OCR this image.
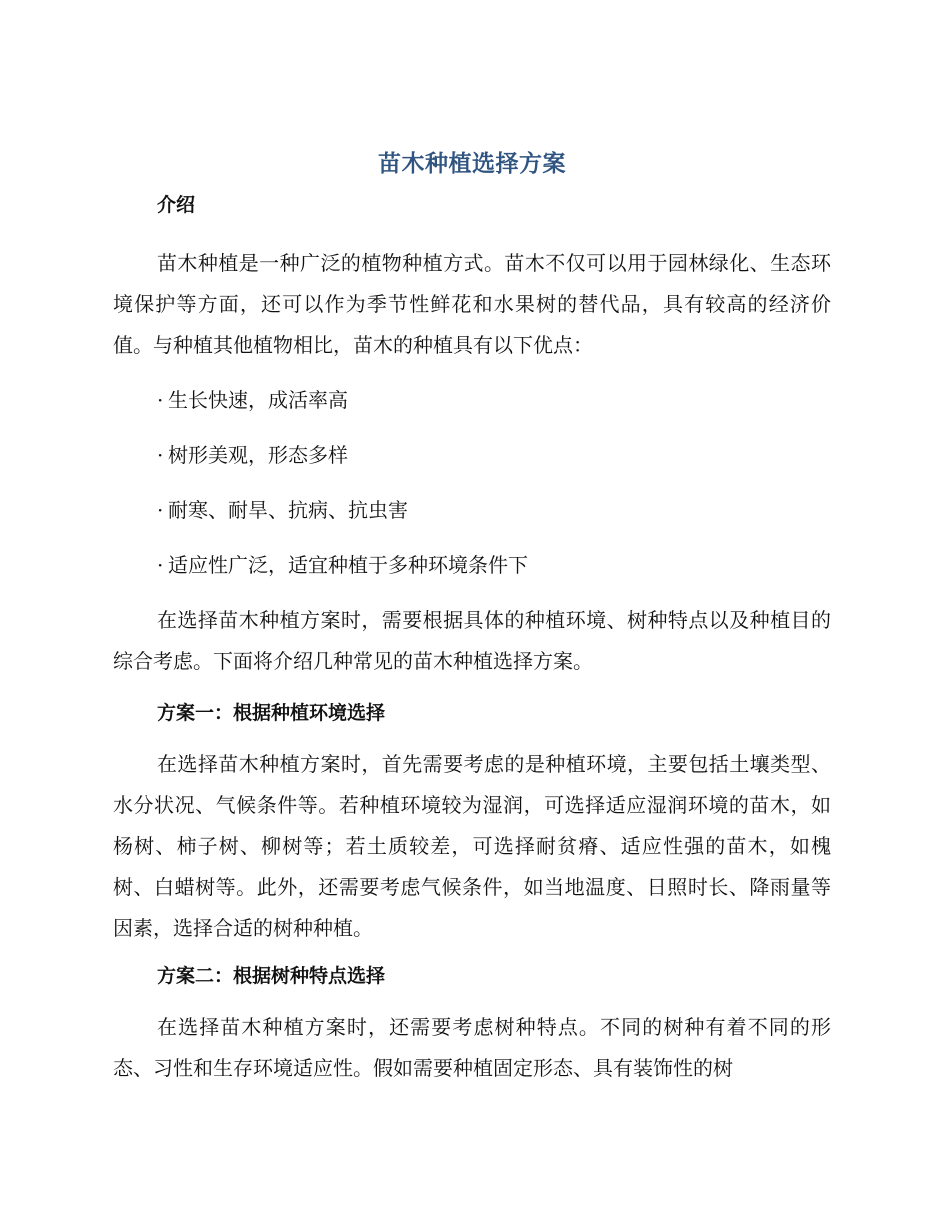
苗木种植选择方案
介绍

苗木种植是一种广泛的植物种植方式。苗木不仅可以用于园林绿化、生态环境保护等方面，还可以作为季节性鲜花和水果树的替代品，具有较高的经济价值。与种植其他植物相比，苗木的种植具有以下优点：

· 生长快速，成活率高
· 树形美观，形态多样
· 耐寒、耐旱、抗病、抗虫害
· 适应性广泛，适宜种植于多种环境条件下

在选择苗木种植方案时，需要根据具体的种植环境、树种特点以及种植目的综合考虑。下面将介绍几种常见的苗木种植选择方案。

方案一：根据种植环境选择

在选择苗木种植方案时，首先需要考虑的是种植环境，主要包括土壤类型、水分状况、气候条件等。若种植环境较为湿润，可选择适应湿润环境的苗木，如杨树、柿子树、柳树等；若土质较差，可选择耐贫瘠、适应性强的苗木，如槐树、白蜡树等。此外，还需要考虑气候条件，如当地温度、日照时长、降雨量等因素，选择合适的树种种植。

方案二：根据树种特点选择

在选择苗木种植方案时，还需要考虑树种特点。不同的树种有着不同的形态、习性和生存环境适应性。假如需要种植固定形态、具有装饰性的树
